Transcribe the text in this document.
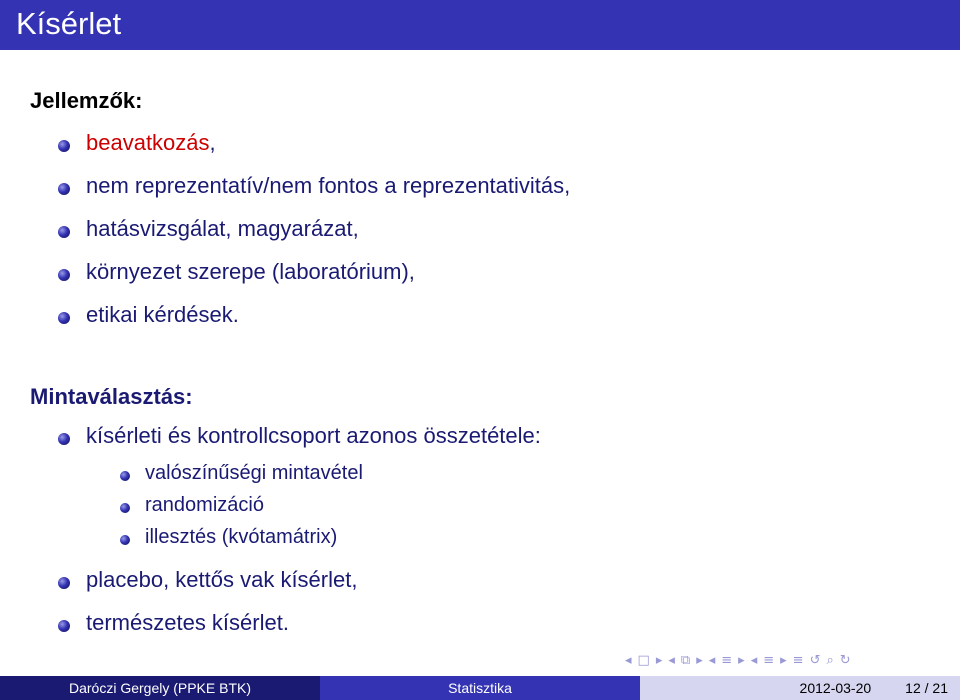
Kísérlet
Jellemzők:
beavatkozás,
nem reprezentatív/nem fontos a reprezentativitás,
hatásvizsgálat, magyarázat,
környezet szerepe (laboratórium),
etikai kérdések.
Mintaválasztás:
kísérleti és kontrollcsoport azonos összetétele:
valószínűségi mintavétel
randomizáció
illesztés (kvótamátrix)
placebo, kettős vak kísérlet,
természetes kísérlet.
◂ □ ▸ ◂ ⧉ ▸ ◂ ≡ ▸ ◂ ≡ ▸ ≡ ↺ ⌕ ↻
Daróczi Gergely (PPKE BTK)	Statisztika	2012-03-20 12 / 21
